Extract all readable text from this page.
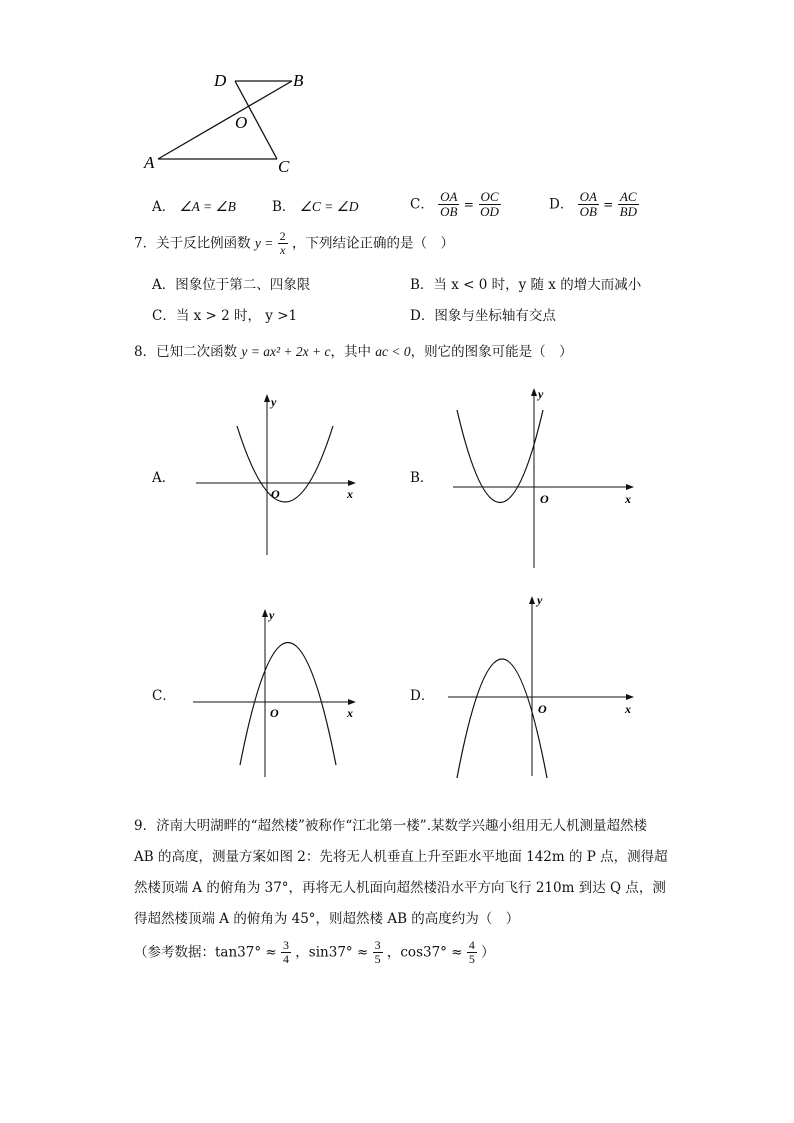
D	B
O
A	C
A． ∠A = ∠B	B． ∠C = ∠D	C． $\frac{OA}{OB} = \frac{OC}{OD}$	D． $\frac{OA}{OB} = \frac{AC}{BD}$
7．关于反比例函数 $y = \frac{2}{x}$ ，下列结论正确的是（　）
A．图象位于第二、四象限	B．当 x < 0 时，y 随 x 的增大而减小
C．当 x > 2 时， y >1	D．图象与坐标轴有交点
8．已知二次函数 y = ax² + 2x + c，其中 ac < 0，则它的图象可能是（　）
A．	B．
C．	D．
y
x
O
y
x
O
y
x
O
y
x
O
9．济南大明湖畔的“超然楼”被称作“江北第一楼”.某数学兴趣小组用无人机测量超然楼
AB 的高度，测量方案如图 2：先将无人机垂直上升至距水平地面 142m 的 P 点，测得超
然楼顶端 A 的俯角为 37°，再将无人机面向超然楼沿水平方向飞行 210m 到达 Q 点，测
得超然楼顶端 A 的俯角为 45°，则超然楼 AB 的高度约为（　）
（参考数据：$\tan 37^\circ \approx \frac{3}{4}$ ，$\sin 37^\circ \approx \frac{3}{5}$ ，$\cos 37^\circ \approx \frac{4}{5}$ ）
